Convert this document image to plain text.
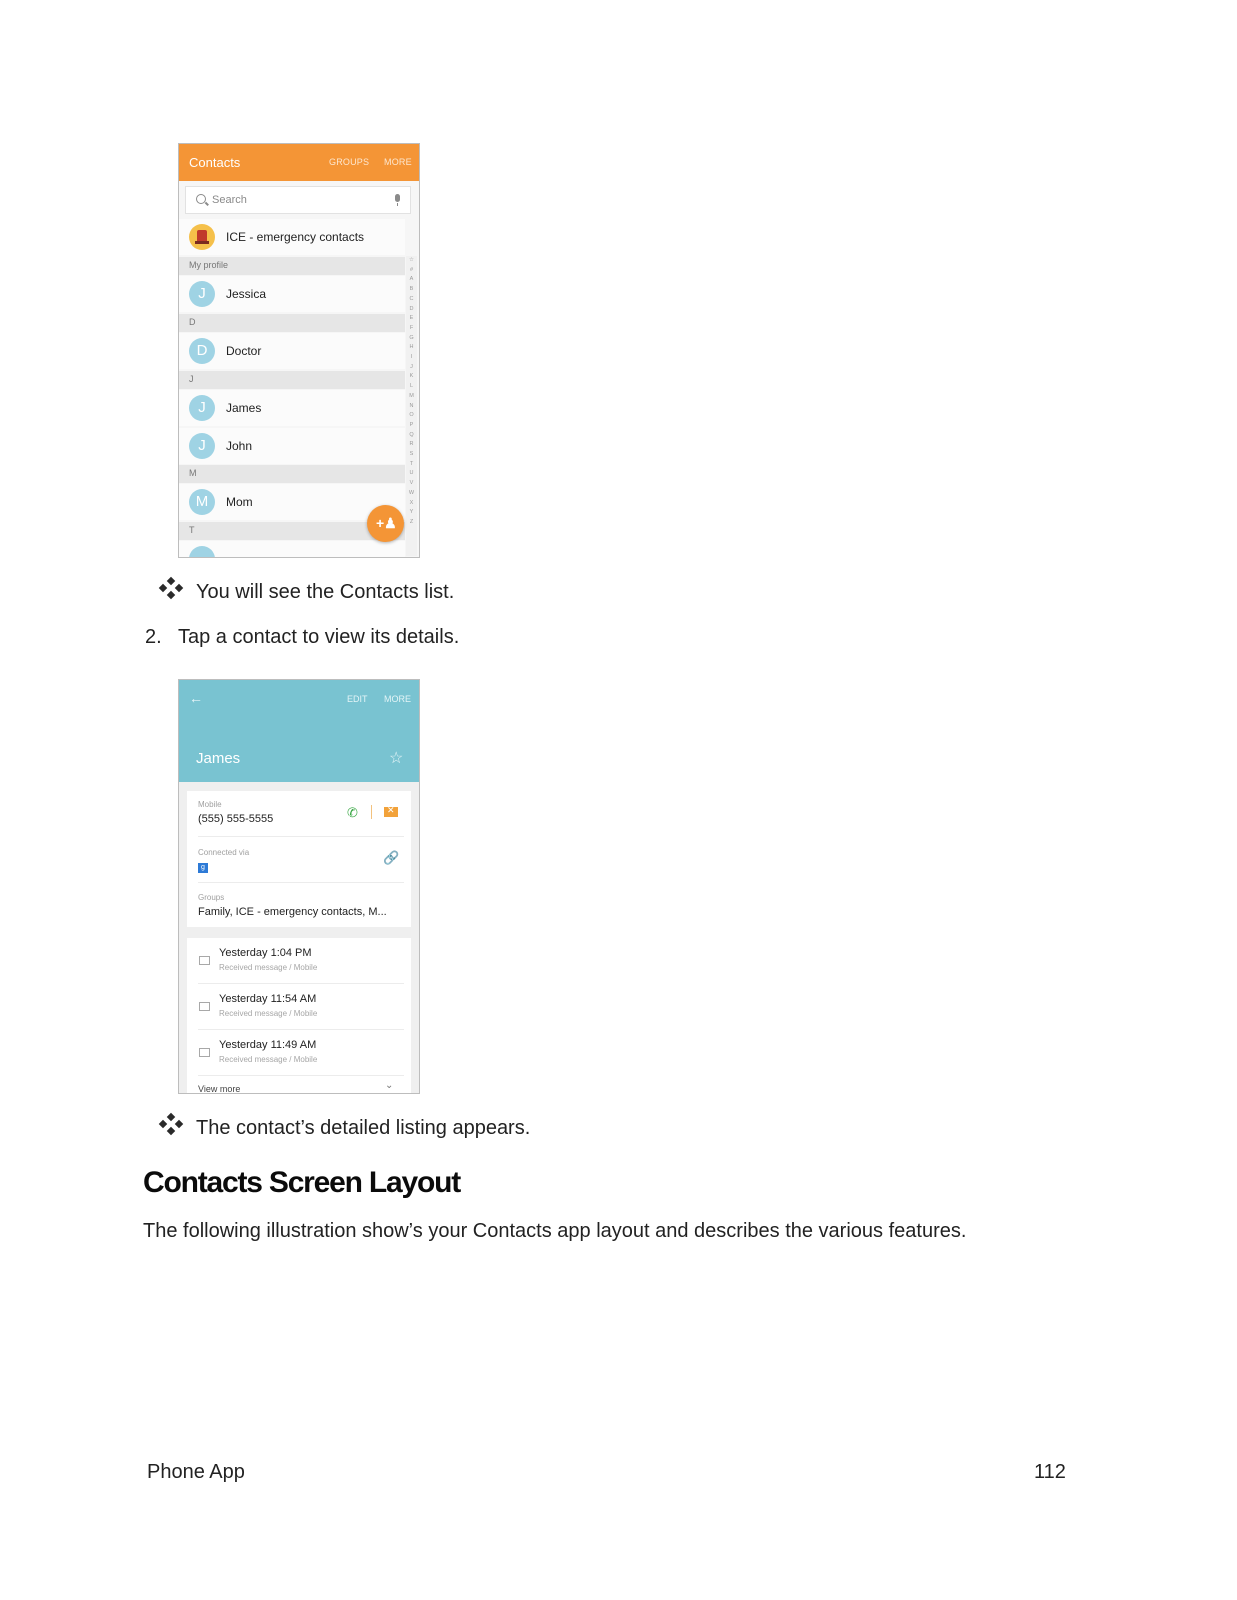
Contacts	GROUPS MORE
Search
ICE - emergency contacts
My profile
J	Jessica
D
D	Doctor
J
J	James
J	John
M
M	Mom
T
☆
#
A
B
C
D
E
F
G
H
I
J
K
L
M
N
O
P
Q
R
S
T
U
V
W
X
Y
Z
+♟
You will see the Contacts list.
2. Tap a contact to view its details.
←	EDIT MORE
James	☆
Mobile
(555) 555-5555	✆
✕
Connected via
g
🔗
Groups
Family, ICE - emergency contacts, M...
Yesterday 1:04 PM
Received message / Mobile
Yesterday 11:54 AM
Received message / Mobile
Yesterday 11:49 AM
Received message / Mobile
View more	⌄
The contact’s detailed listing appears.
Contacts Screen Layout
The following illustration show’s your Contacts app layout and describes the various features.
Phone App	112
